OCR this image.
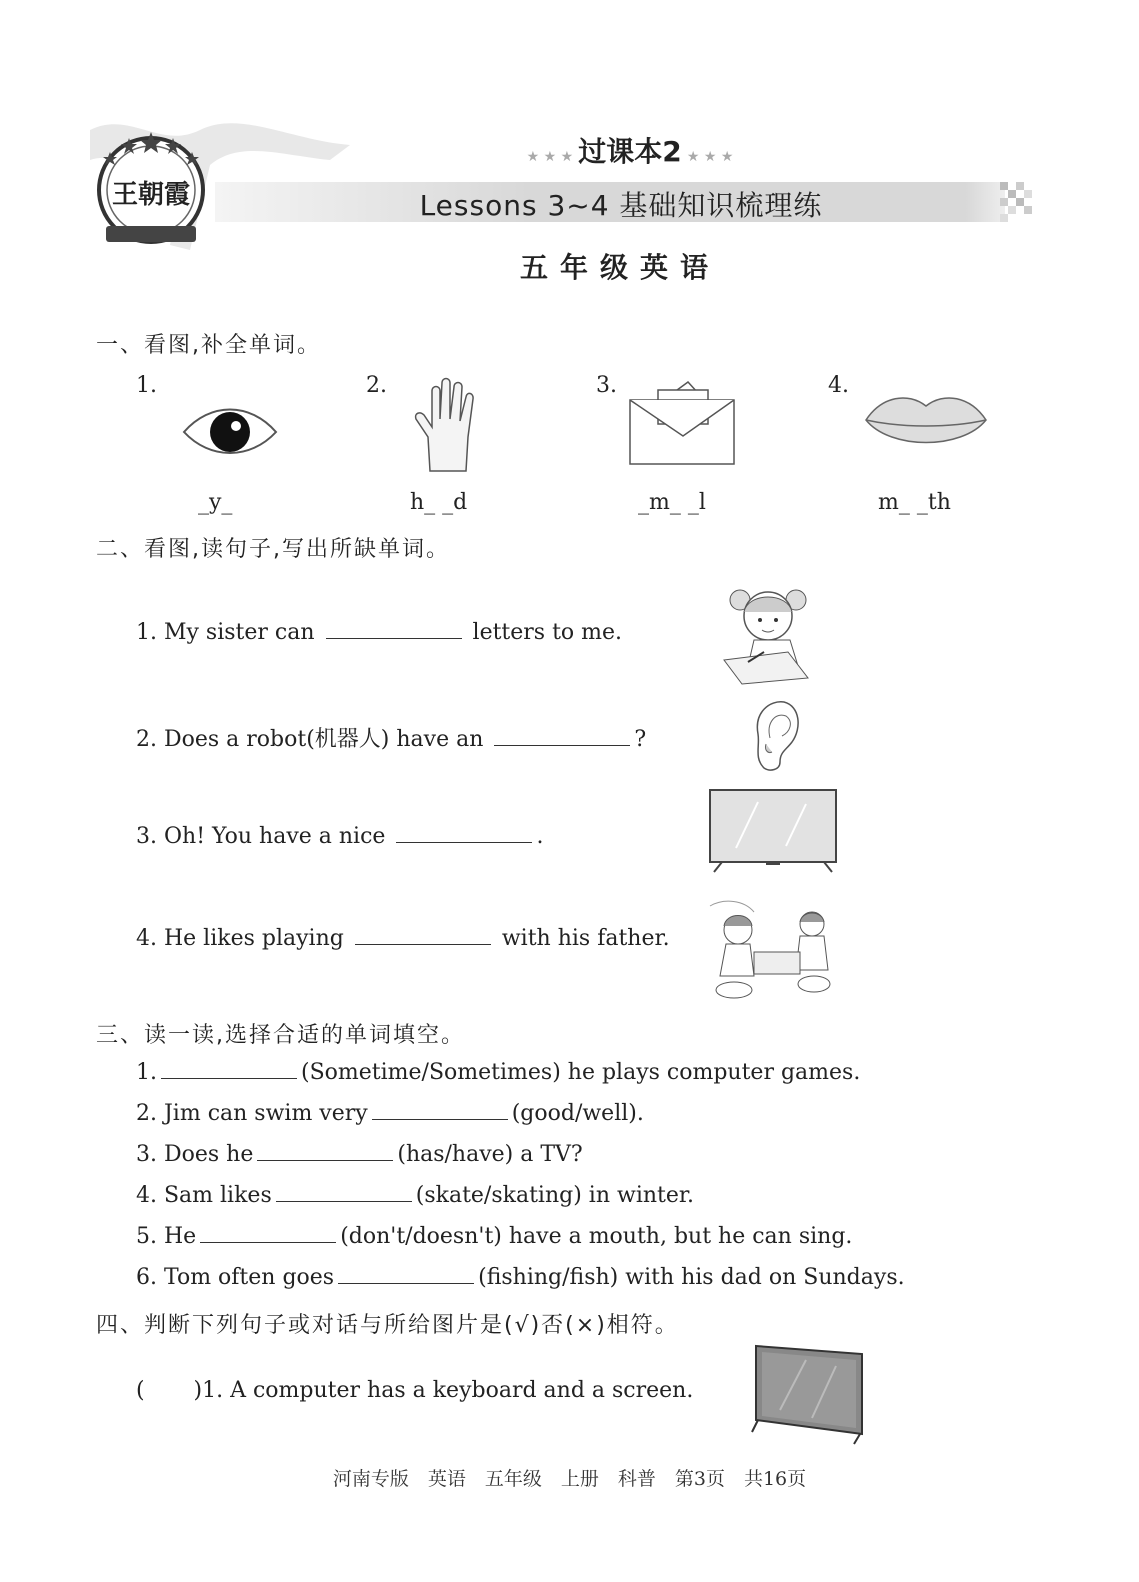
王朝霞
★ ★ ★ 过课本2 ★ ★ ★
Lessons 3~4 基础知识梳理练
五年级英语
一、看图,补全单词。
1.	2.	3.	4.
_y_	h_ _d	_m_ _l	m_ _th
二、看图,读句子,写出所缺单词。
1. My sister can	letters to me.
2. Does a robot(机器人) have an	?
3. Oh! You have a nice	.
4. He likes playing	with his father.
三、读一读,选择合适的单词填空。
1.	(Sometime/Sometimes) he plays computer games.
2. Jim can swim very	(good/well).
3. Does he	(has/have) a TV?
4. Sam likes	(skate/skating) in winter.
5. He	(don't/doesn't) have a mouth, but he can sing.
6. Tom often goes	(fishing/fish) with his dad on Sundays.
四、判断下列句子或对话与所给图片是(√)否(×)相符。
(       )1. A computer has a keyboard and a screen.
河南专版　英语　五年级　上册　科普　第3页　共16页
